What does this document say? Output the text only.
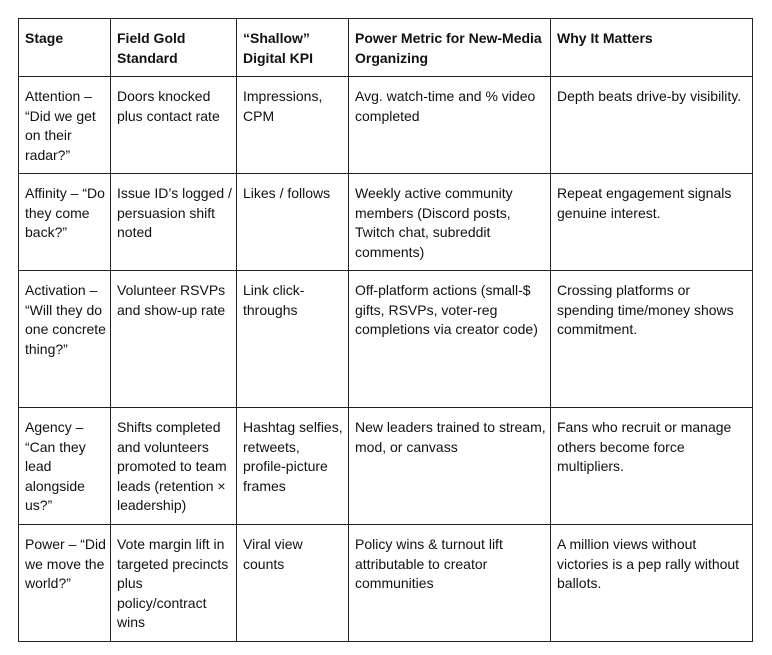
Stage	Field Gold Standard	“Shallow” Digital KPI	Power Metric for New-Media Organizing	Why It Matters
Attention – “Did we get on their radar?”	Doors knocked plus contact rate	Impressions, CPM	Avg. watch-time and % video completed	Depth beats drive-by visibility.
Affinity – “Do they come back?”	Issue ID’s logged / persuasion shift noted	Likes / follows	Weekly active community members (Discord posts, Twitch chat, subreddit comments)	Repeat engagement signals genuine interest.
Activation – “Will they do one concrete thing?”	Volunteer RSVPs and show-up rate	Link click-throughs	Off-platform actions (small-$ gifts, RSVPs, voter-reg completions via creator code)	Crossing platforms or spending time/money shows commitment.
Agency – “Can they lead alongside us?”	Shifts completed and volunteers promoted to team leads (retention × leadership)	Hashtag selfies, retweets, profile-picture frames	New leaders trained to stream, mod, or canvass	Fans who recruit or manage others become force multipliers.
Power – “Did we move the world?”	Vote margin lift in targeted precincts plus policy/contract wins	Viral view counts	Policy wins & turnout lift attributable to creator communities	A million views without victories is a pep rally without ballots.
